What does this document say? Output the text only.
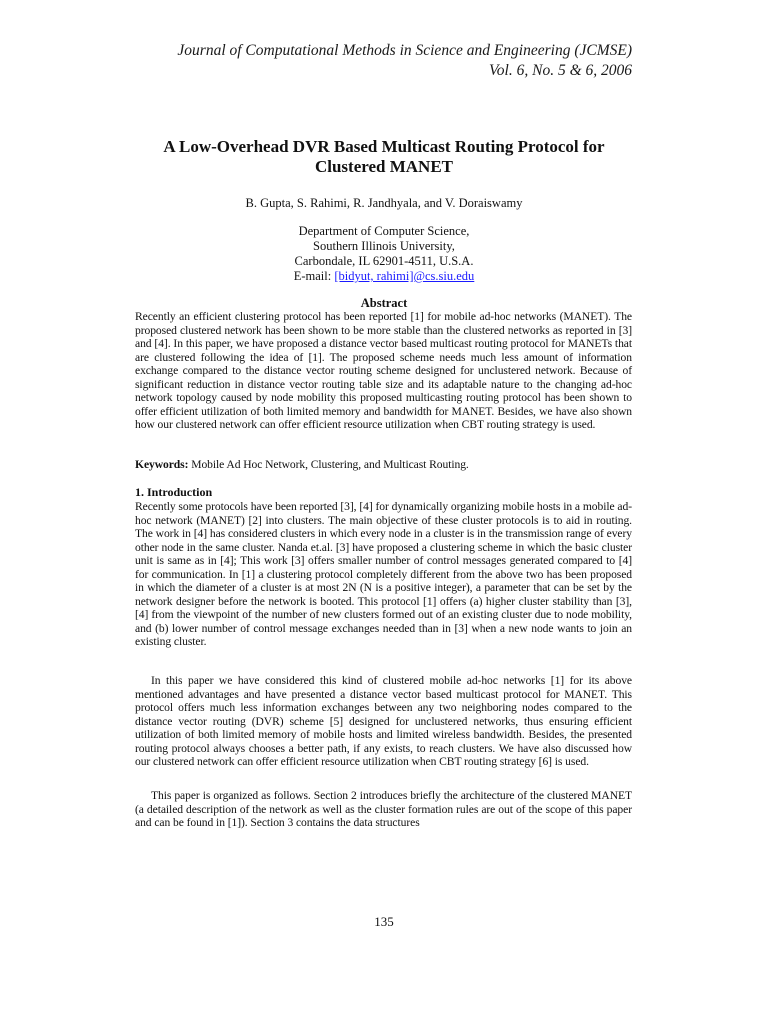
Journal of Computational Methods in Science and Engineering (JCMSE)
Vol. 6, No. 5 & 6, 2006
A Low-Overhead DVR Based Multicast Routing Protocol for
Clustered MANET
B. Gupta, S. Rahimi, R. Jandhyala, and V. Doraiswamy
Department of Computer Science,
Southern Illinois University,
Carbondale, IL 62901-4511, U.S.A.
E-mail: [bidyut, rahimi]@cs.siu.edu
Abstract
Recently an efficient clustering protocol has been reported [1] for mobile ad-hoc networks (MANET). The proposed clustered network has been shown to be more stable than the clustered networks as reported in [3] and [4]. In this paper, we have proposed a distance vector based multicast routing protocol for MANETs that are clustered following the idea of [1]. The proposed scheme needs much less amount of information exchange compared to the distance vector routing scheme designed for unclustered network. Because of significant reduction in distance vector routing table size and its adaptable nature to the changing ad-hoc network topology caused by node mobility this proposed multicasting routing protocol has been shown to offer efficient utilization of both limited memory and bandwidth for MANET. Besides, we have also shown how our clustered network can offer efficient resource utilization when CBT routing strategy is used.
Keywords: Mobile Ad Hoc Network, Clustering, and Multicast Routing.
1. Introduction
Recently some protocols have been reported [3], [4] for dynamically organizing mobile hosts in a mobile ad-hoc network (MANET) [2] into clusters. The main objective of these cluster protocols is to aid in routing. The work in [4] has considered clusters in which every node in a cluster is in the transmission range of every other node in the same cluster. Nanda et.al. [3] have proposed a clustering scheme in which the basic cluster unit is same as in [4]; This work [3] offers smaller number of control messages generated compared to [4] for communication. In [1] a clustering protocol completely different from the above two has been proposed in which the diameter of a cluster is at most 2N (N is a positive integer), a parameter that can be set by the network designer before the network is booted. This protocol [1] offers (a) higher cluster stability than [3], [4] from the viewpoint of the number of new clusters formed out of an existing cluster due to node mobility, and (b) lower number of control message exchanges needed than in [3] when a new node wants to join an existing cluster.
In this paper we have considered this kind of clustered mobile ad-hoc networks [1] for its above mentioned advantages and have presented a distance vector based multicast protocol for MANET. This protocol offers much less information exchanges between any two neighboring nodes compared to the distance vector routing (DVR) scheme [5] designed for unclustered networks, thus ensuring efficient utilization of both limited memory of mobile hosts and limited wireless bandwidth. Besides, the presented routing protocol always chooses a better path, if any exists, to reach clusters. We have also discussed how our clustered network can offer efficient resource utilization when CBT routing strategy [6] is used.
This paper is organized as follows. Section 2 introduces briefly the architecture of the clustered MANET (a detailed description of the network as well as the cluster formation rules are out of the scope of this paper and can be found in [1]). Section 3 contains the data structures
135
